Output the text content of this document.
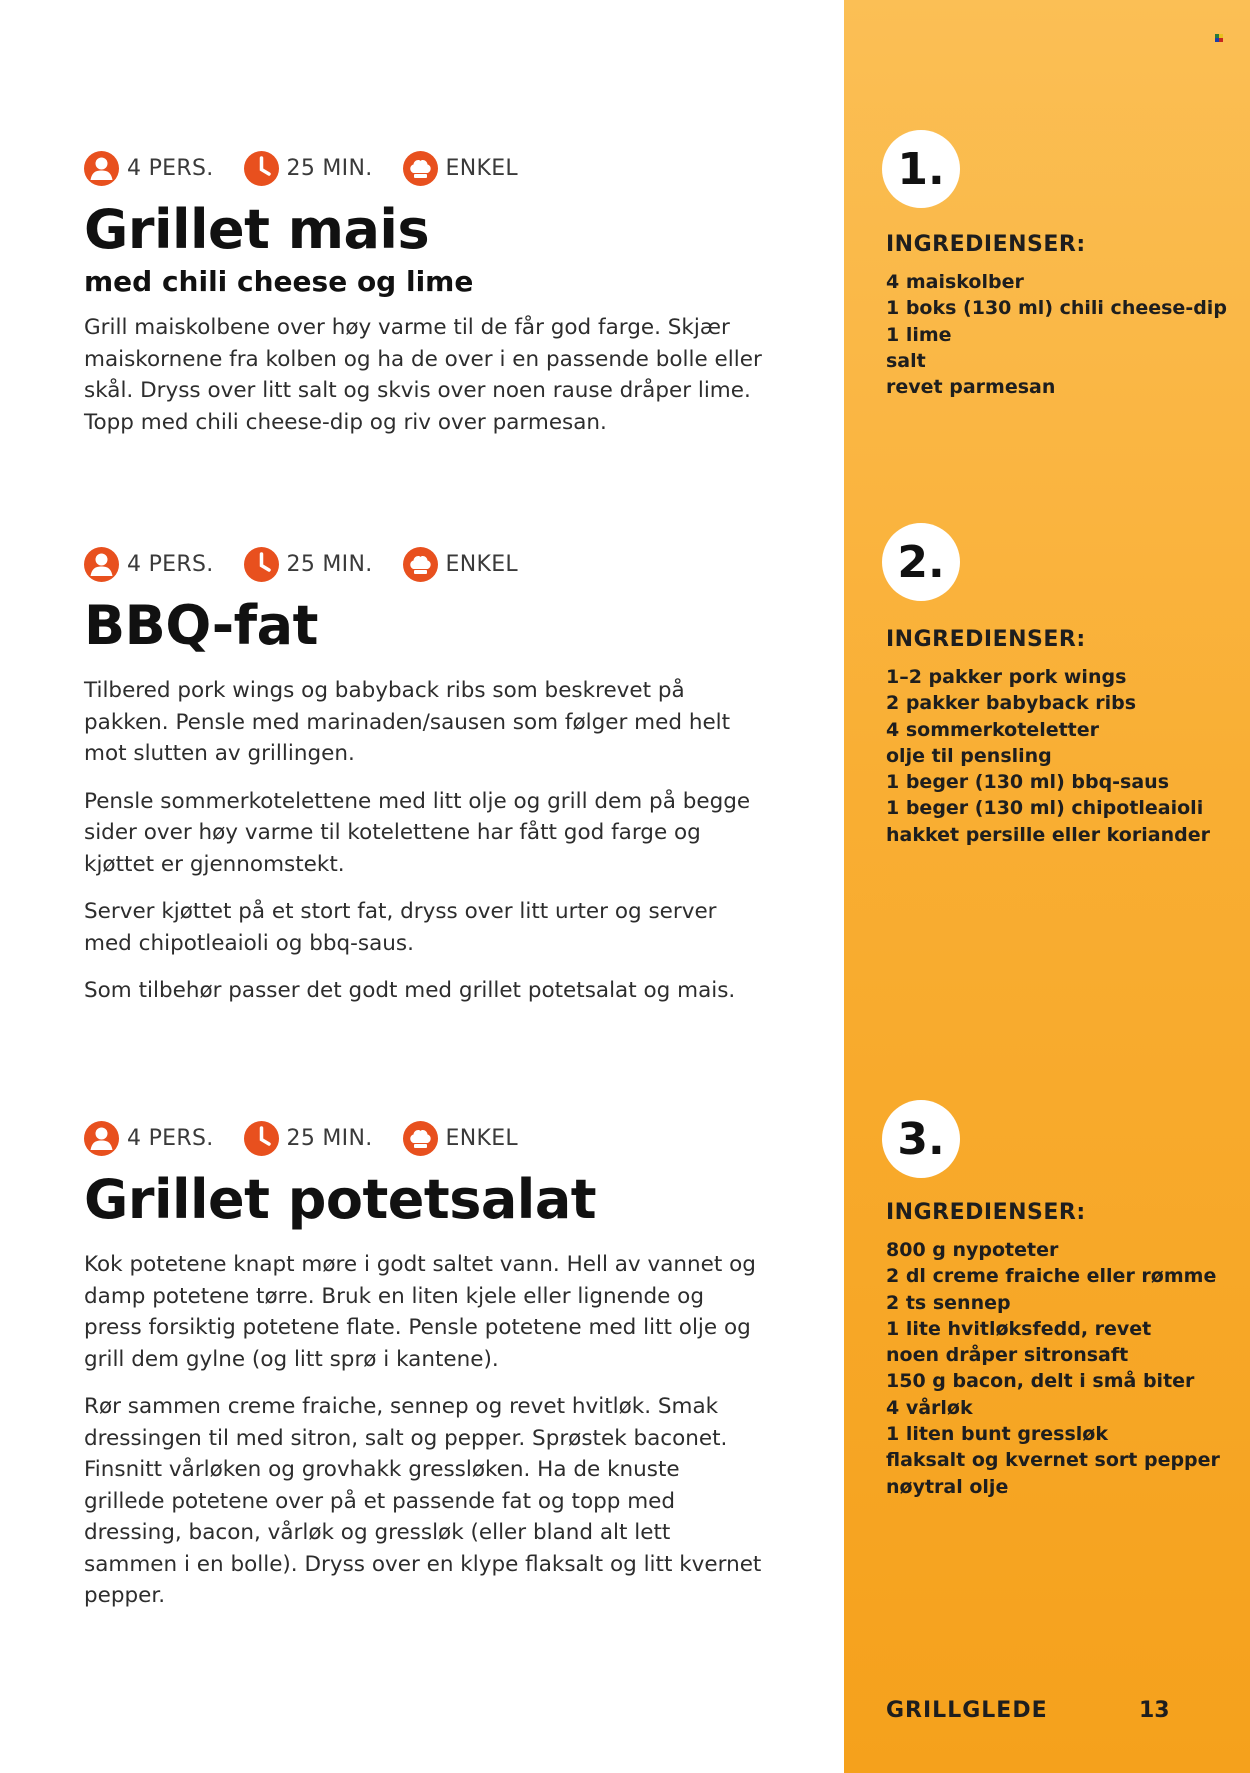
4 PERS.	25 MIN.	ENKEL
Grillet mais
med chili cheese og lime

Grill maiskolbene over høy varme til de får god farge. Skjær maiskornene fra kolben og ha de over i en passende bolle eller skål. Dryss over litt salt og skvis over noen rause dråper lime. Topp med chili cheese-dip og riv over parmesan.

4 PERS.	25 MIN.	ENKEL
BBQ-fat

Tilbered pork wings og babyback ribs som beskrevet på pakken. Pensle med marinaden/sausen som følger med helt mot slutten av grillingen.

Pensle sommerkotelettene med litt olje og grill dem på begge sider over høy varme til kotelettene har fått god farge og kjøttet er gjennomstekt.

Server kjøttet på et stort fat, dryss over litt urter og server med chipotleaioli og bbq-saus.

Som tilbehør passer det godt med grillet potetsalat og mais.

4 PERS.	25 MIN.	ENKEL
Grillet potetsalat

Kok potetene knapt møre i godt saltet vann. Hell av vannet og damp potetene tørre. Bruk en liten kjele eller lignende og press forsiktig potetene flate. Pensle potetene med litt olje og grill dem gylne (og litt sprø i kantene).

Rør sammen creme fraiche, sennep og revet hvitløk. Smak dressingen til med sitron, salt og pepper. Sprøstek baconet. Finsnitt vårløken og grovhakk gressløken. Ha de knuste grillede potetene over på et passende fat og topp med dressing, bacon, vårløk og gressløk (eller bland alt lett sammen i en bolle). Dryss over en klype flaksalt og litt kvernet pepper.

1.
2.
3.
INGREDIENSER:
4 maiskolber
1 boks (130 ml) chili cheese-dip
1 lime
salt
revet parmesan
INGREDIENSER:
1–2 pakker pork wings
2 pakker babyback ribs
4 sommerkoteletter
olje til pensling
1 beger (130 ml) bbq-saus
1 beger (130 ml) chipotleaioli
hakket persille eller koriander
INGREDIENSER:
800 g nypoteter
2 dl creme fraiche eller rømme
2 ts sennep
1 lite hvitløksfedd, revet
noen dråper sitronsaft
150 g bacon, delt i små biter
4 vårløk
1 liten bunt gressløk
flaksalt og kvernet sort pepper
nøytral olje
GRILLGLEDE	13
